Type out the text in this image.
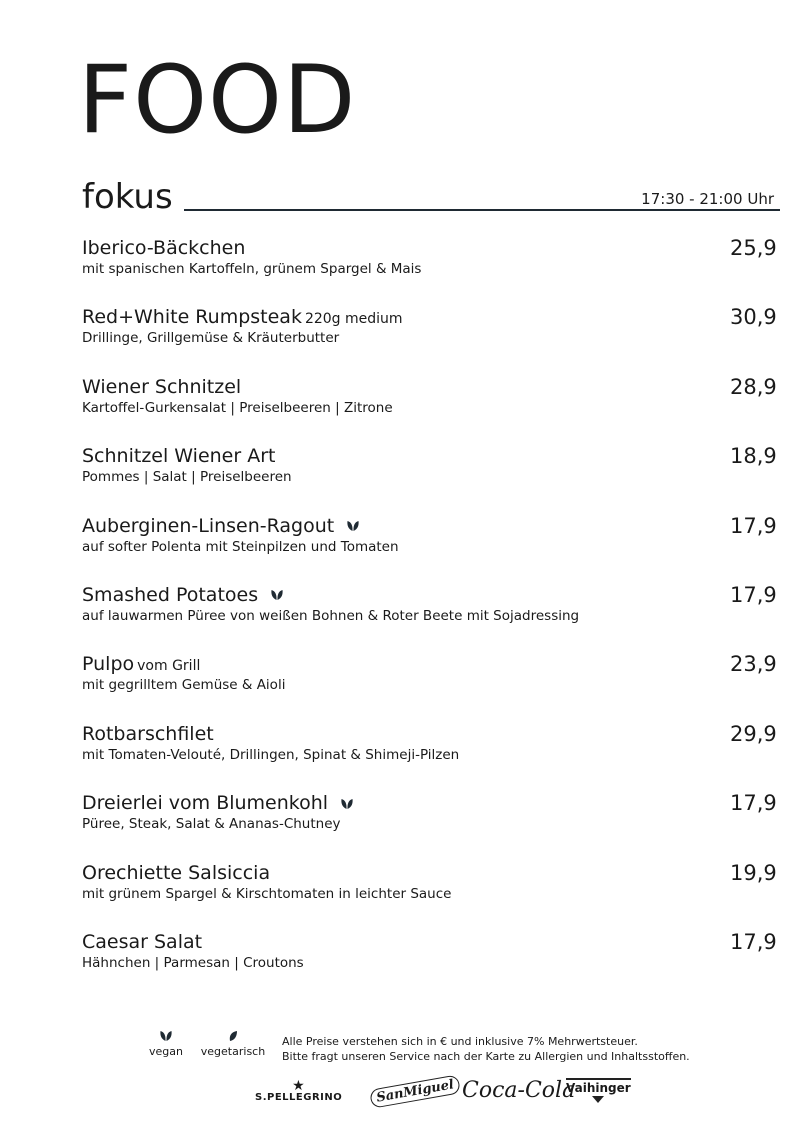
FOOD
fokus	17:30 - 21:00 Uhr
Iberico-Bäckchen
mit spanischen Kartoffeln, grünem Spargel & Mais
25,9
Red+White Rumpsteak 220g medium
Drillinge, Grillgemüse & Kräuterbutter
30,9
Wiener Schnitzel
Kartoffel-Gurkensalat | Preiselbeeren | Zitrone
28,9
Schnitzel Wiener Art
Pommes | Salat | Preiselbeeren
18,9
Auberginen-Linsen-Ragout
auf softer Polenta mit Steinpilzen und Tomaten
17,9
Smashed Potatoes
auf lauwarmen Püree von weißen Bohnen & Roter Beete mit Sojadressing
17,9
Pulpo vom Grill
mit gegrilltem Gemüse & Aioli
23,9
Rotbarschfilet
mit Tomaten-Velouté, Drillingen, Spinat & Shimeji-Pilzen
29,9
Dreierlei vom Blumenkohl
Püree, Steak, Salat & Ananas-Chutney
17,9
Orechiette Salsiccia
mit grünem Spargel & Kirschtomaten in leichter Sauce
19,9
Caesar Salat
Hähnchen | Parmesan | Croutons
17,9
vegan	vegetarisch
Alle Preise verstehen sich in € und inklusive 7% Mehrwertsteuer.
Bitte fragt unseren Service nach der Karte zu Allergien und Inhaltsstoffen.
★
S.PELLEGRINO	SanMiguel Coca-Cola
Vaihinger
